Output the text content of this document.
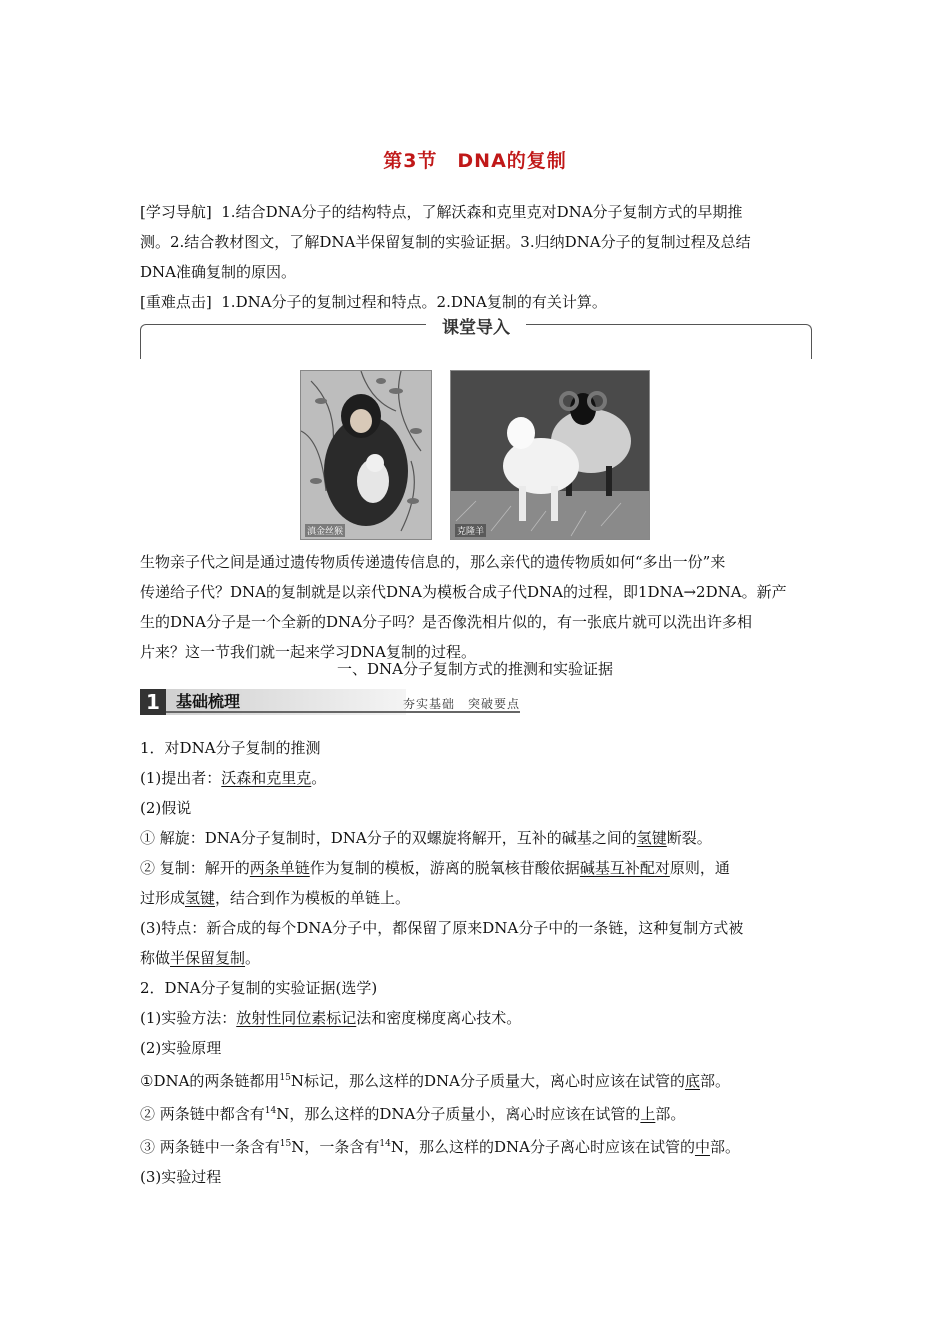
第3节　DNA的复制
[学习导航] 1.结合DNA分子的结构特点，了解沃森和克里克对DNA分子复制方式的早期推
测。2.结合教材图文，了解DNA半保留复制的实验证据。3.归纳DNA分子的复制过程及总结
DNA准确复制的原因。
[重难点击] 1.DNA分子的复制过程和特点。2.DNA复制的有关计算。
课堂导入
滇金丝猴	克隆羊
生物亲子代之间是通过遗传物质传递遗传信息的，那么亲代的遗传物质如何“多出一份”来
传递给子代？DNA的复制就是以亲代DNA为模板合成子代DNA的过程，即1DNA→2DNA。新产
生的DNA分子是一个全新的DNA分子吗？是否像洗相片似的，有一张底片就可以洗出许多相
片来？这一节我们就一起来学习DNA复制的过程。
一、DNA分子复制方式的推测和实验证据
1	基础梳理	夯实基础　突破要点
1．对DNA分子复制的推测
(1)提出者：沃森和克里克。
(2)假说
① 解旋：DNA分子复制时，DNA分子的双螺旋将解开，互补的碱基之间的氢键断裂。
② 复制：解开的两条单链作为复制的模板，游离的脱氧核苷酸依据碱基互补配对原则，通
过形成氢键，结合到作为模板的单链上。
(3)特点：新合成的每个DNA分子中，都保留了原来DNA分子中的一条链，这种复制方式被
称做半保留复制。
2．DNA分子复制的实验证据(选学)
(1)实验方法：放射性同位素标记法和密度梯度离心技术。
(2)实验原理
①DNA的两条链都用$^{15}$N标记，那么这样的DNA分子质量大，离心时应该在试管的底部。
② 两条链中都含有$^{14}$N，那么这样的DNA分子质量小，离心时应该在试管的上部。
③ 两条链中一条含有$^{15}$N，一条含有$^{14}$N，那么这样的DNA分子离心时应该在试管的中部。
(3)实验过程
